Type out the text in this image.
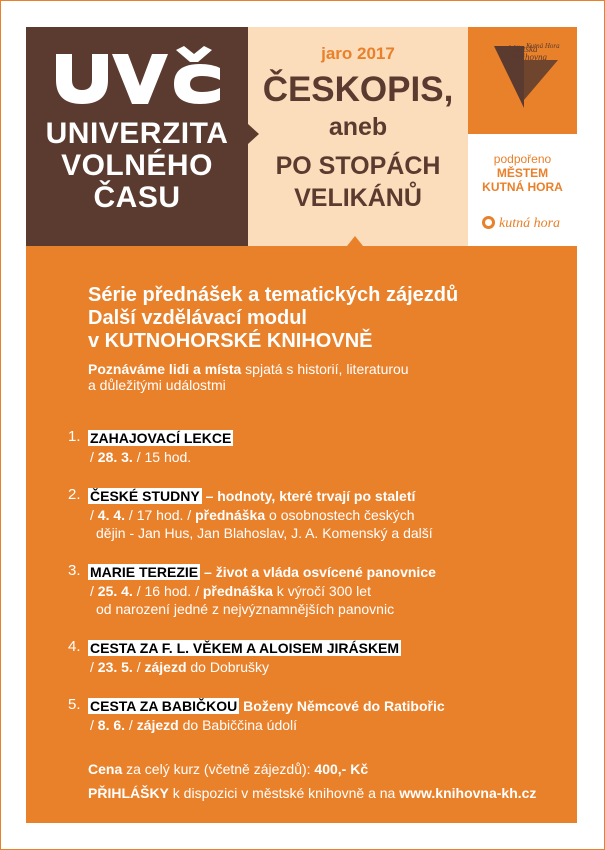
UNIVERZITA
VOLNÉHO
ČASU
jaro 2017
ČESKOPIS,
aneb
PO STOPÁCH
VELIKÁNŮ
Městská
Knihovna
Kutná Hora
podpořeno
MĚSTEM
KUTNÁ HORA
kutná hora
Série přednášek a tematických zájezdů
Další vzdělávací modul
v KUTNOHORSKÉ KNIHOVNĚ
Poznáváme lidi a místa spjatá s historií, literaturou
a důležitými událostmi
1. ZAHAJOVACÍ LEKCE
/ 28. 3. / 15 hod.
2. ČESKÉ STUDNY – hodnoty, které trvají po staletí
/ 4. 4. / 17 hod. / přednáška o osobnostech českých
dějin - Jan Hus, Jan Blahoslav, J. A. Komenský a další
3. MARIE TEREZIE – život a vláda osvícené panovnice
/ 25. 4. / 16 hod. / přednáška k výročí 300 let
od narození jedné z nejvýznamnějších panovnic
4. CESTA ZA F. L. VĚKEM A ALOISEM JIRÁSKEM
/ 23. 5. / zájezd do Dobrušky
5. CESTA ZA BABIČKOU Boženy Němcové do Ratibořic
/ 8. 6. / zájezd do Babiččina údolí
Cena za celý kurz (včetně zájezdů): 400,- Kč
PŘIHLÁŠKY k dispozici v městské knihovně a na www.knihovna-kh.cz
